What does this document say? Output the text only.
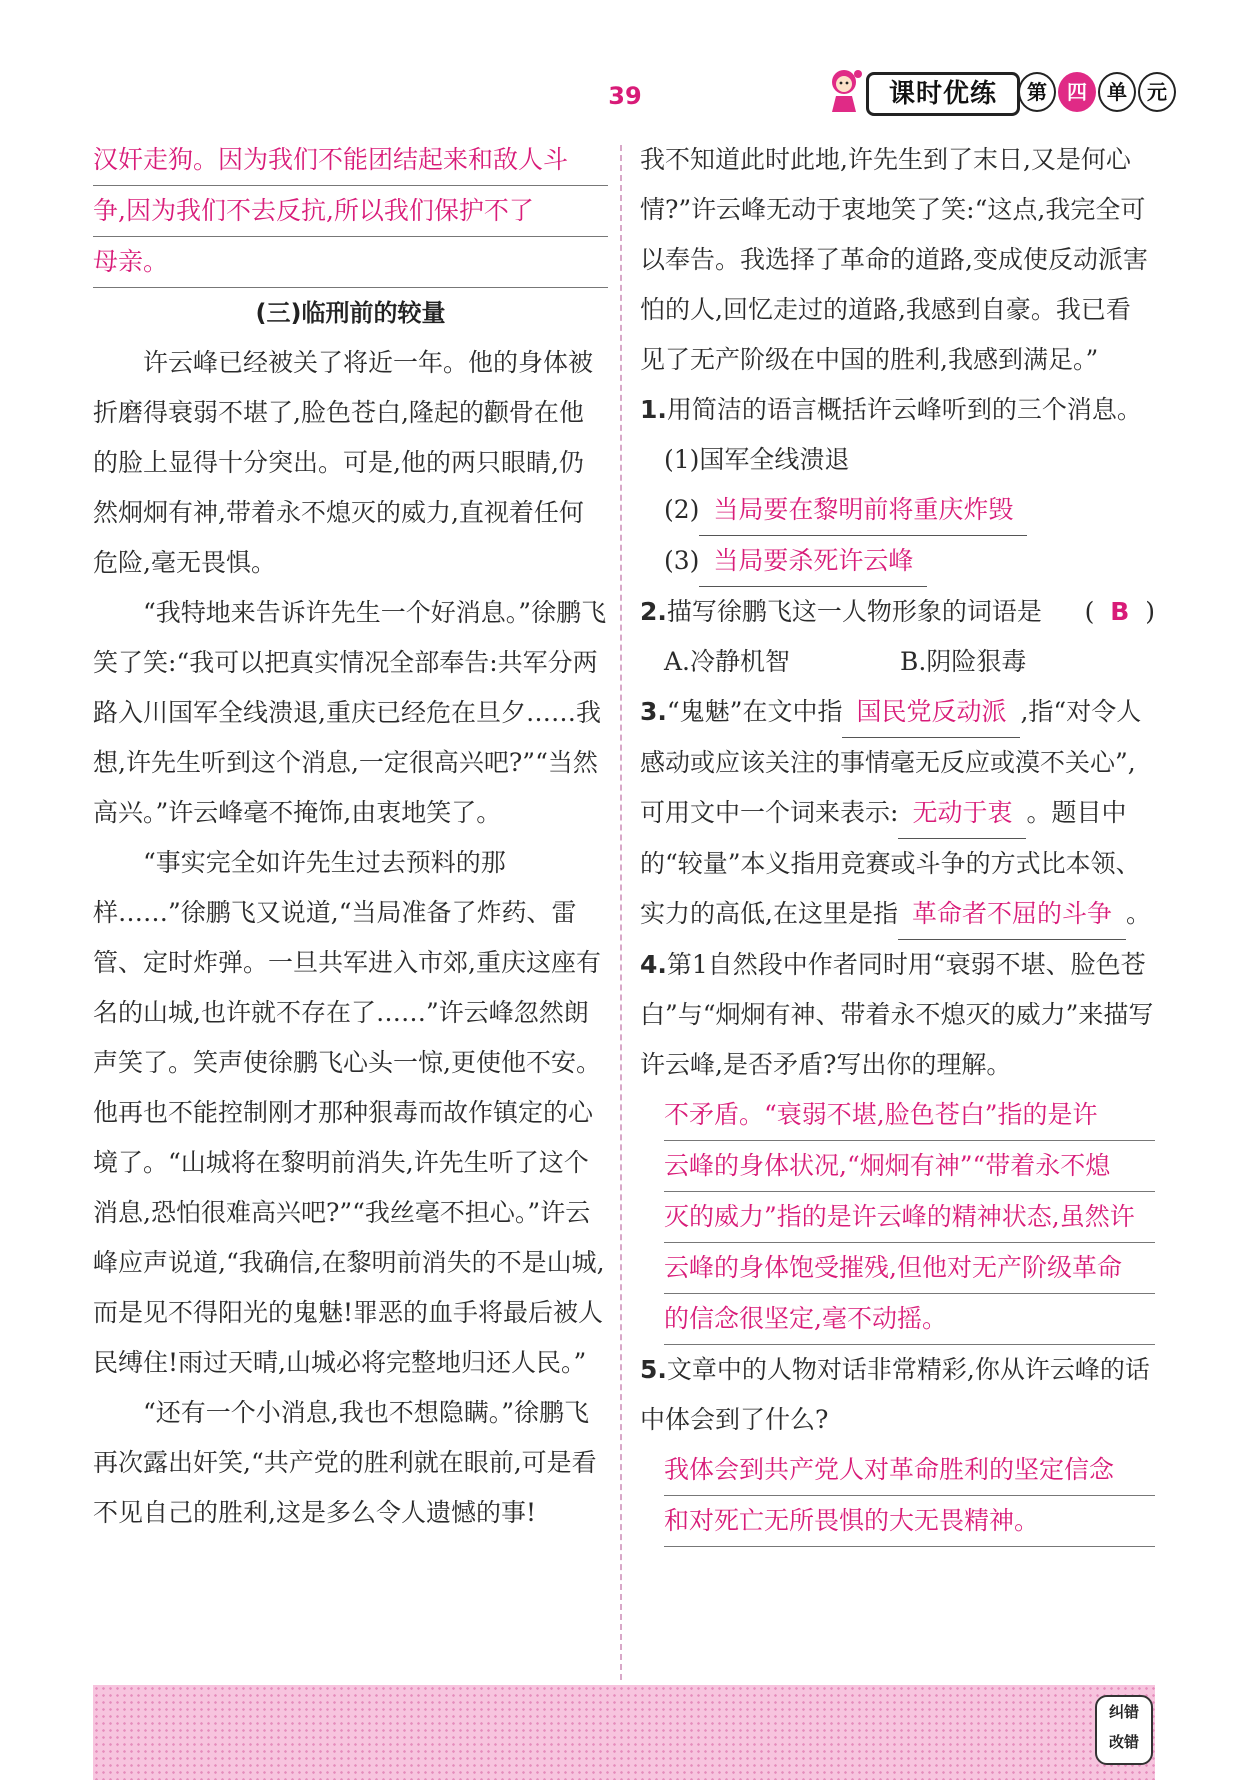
39	课时优练	第	四	单	元

汉奸走狗。因为我们不能团结起来和敌人斗

争,因为我们不去反抗,所以我们保护不了

母亲。

(三)临刑前的较量

许云峰已经被关了将近一年。他的身体被折磨得衰弱不堪了,脸色苍白,隆起的颧骨在他的脸上显得十分突出。可是,他的两只眼睛,仍然炯炯有神,带着永不熄灭的威力,直视着任何危险,毫无畏惧。

“我特地来告诉许先生一个好消息。”徐鹏飞笑了笑:“我可以把真实情况全部奉告:共军分两路入川国军全线溃退,重庆已经危在旦夕……我想,许先生听到这个消息,一定很高兴吧?”“当然高兴。”许云峰毫不掩饰,由衷地笑了。

“事实完全如许先生过去预料的那样……”徐鹏飞又说道,“当局准备了炸药、雷管、定时炸弹。一旦共军进入市郊,重庆这座有名的山城,也许就不存在了……”许云峰忽然朗声笑了。笑声使徐鹏飞心头一惊,更使他不安。他再也不能控制刚才那种狠毒而故作镇定的心境了。“山城将在黎明前消失,许先生听了这个消息,恐怕很难高兴吧?”“我丝毫不担心。”许云峰应声说道,“我确信,在黎明前消失的不是山城,而是见不得阳光的鬼魅!罪恶的血手将最后被人民缚住!雨过天晴,山城必将完整地归还人民。”

“还有一个小消息,我也不想隐瞒。”徐鹏飞再次露出奸笑,“共产党的胜利就在眼前,可是看不见自己的胜利,这是多么令人遗憾的事!

我不知道此时此地,许先生到了末日,又是何心情?”许云峰无动于衷地笑了笑:“这点,我完全可以奉告。我选择了革命的道路,变成使反动派害怕的人,回忆走过的道路,我感到自豪。我已看见了无产阶级在中国的胜利,我感到满足。”

1.用简洁的语言概括许云峰听到的三个消息。

(1)国军全线溃退

(2) 当局要在黎明前将重庆炸毁

(3) 当局要杀死许云峰

2.描写徐鹏飞这一人物形象的词语是 ( B )

A.冷静机智	B.阴险狠毒

3.“鬼魅”在文中指 国民党反动派 ,指“对令人感动或应该关注的事情毫无反应或漠不关心”,可用文中一个词来表示: 无动于衷 。题目中的“较量”本义指用竞赛或斗争的方式比本领、实力的高低,在这里是指 革命者不屈的斗争 。

4.第1自然段中作者同时用“衰弱不堪、脸色苍白”与“炯炯有神、带着永不熄灭的威力”来描写许云峰,是否矛盾?写出你的理解。

不矛盾。“衰弱不堪,脸色苍白”指的是许

云峰的身体状况,“炯炯有神”“带着永不熄

灭的威力”指的是许云峰的精神状态,虽然许

云峰的身体饱受摧残,但他对无产阶级革命

的信念很坚定,毫不动摇。

5.文章中的人物对话非常精彩,你从许云峰的话中体会到了什么?

我体会到共产党人对革命胜利的坚定信念

和对死亡无所畏惧的大无畏精神。

纠错
改错
